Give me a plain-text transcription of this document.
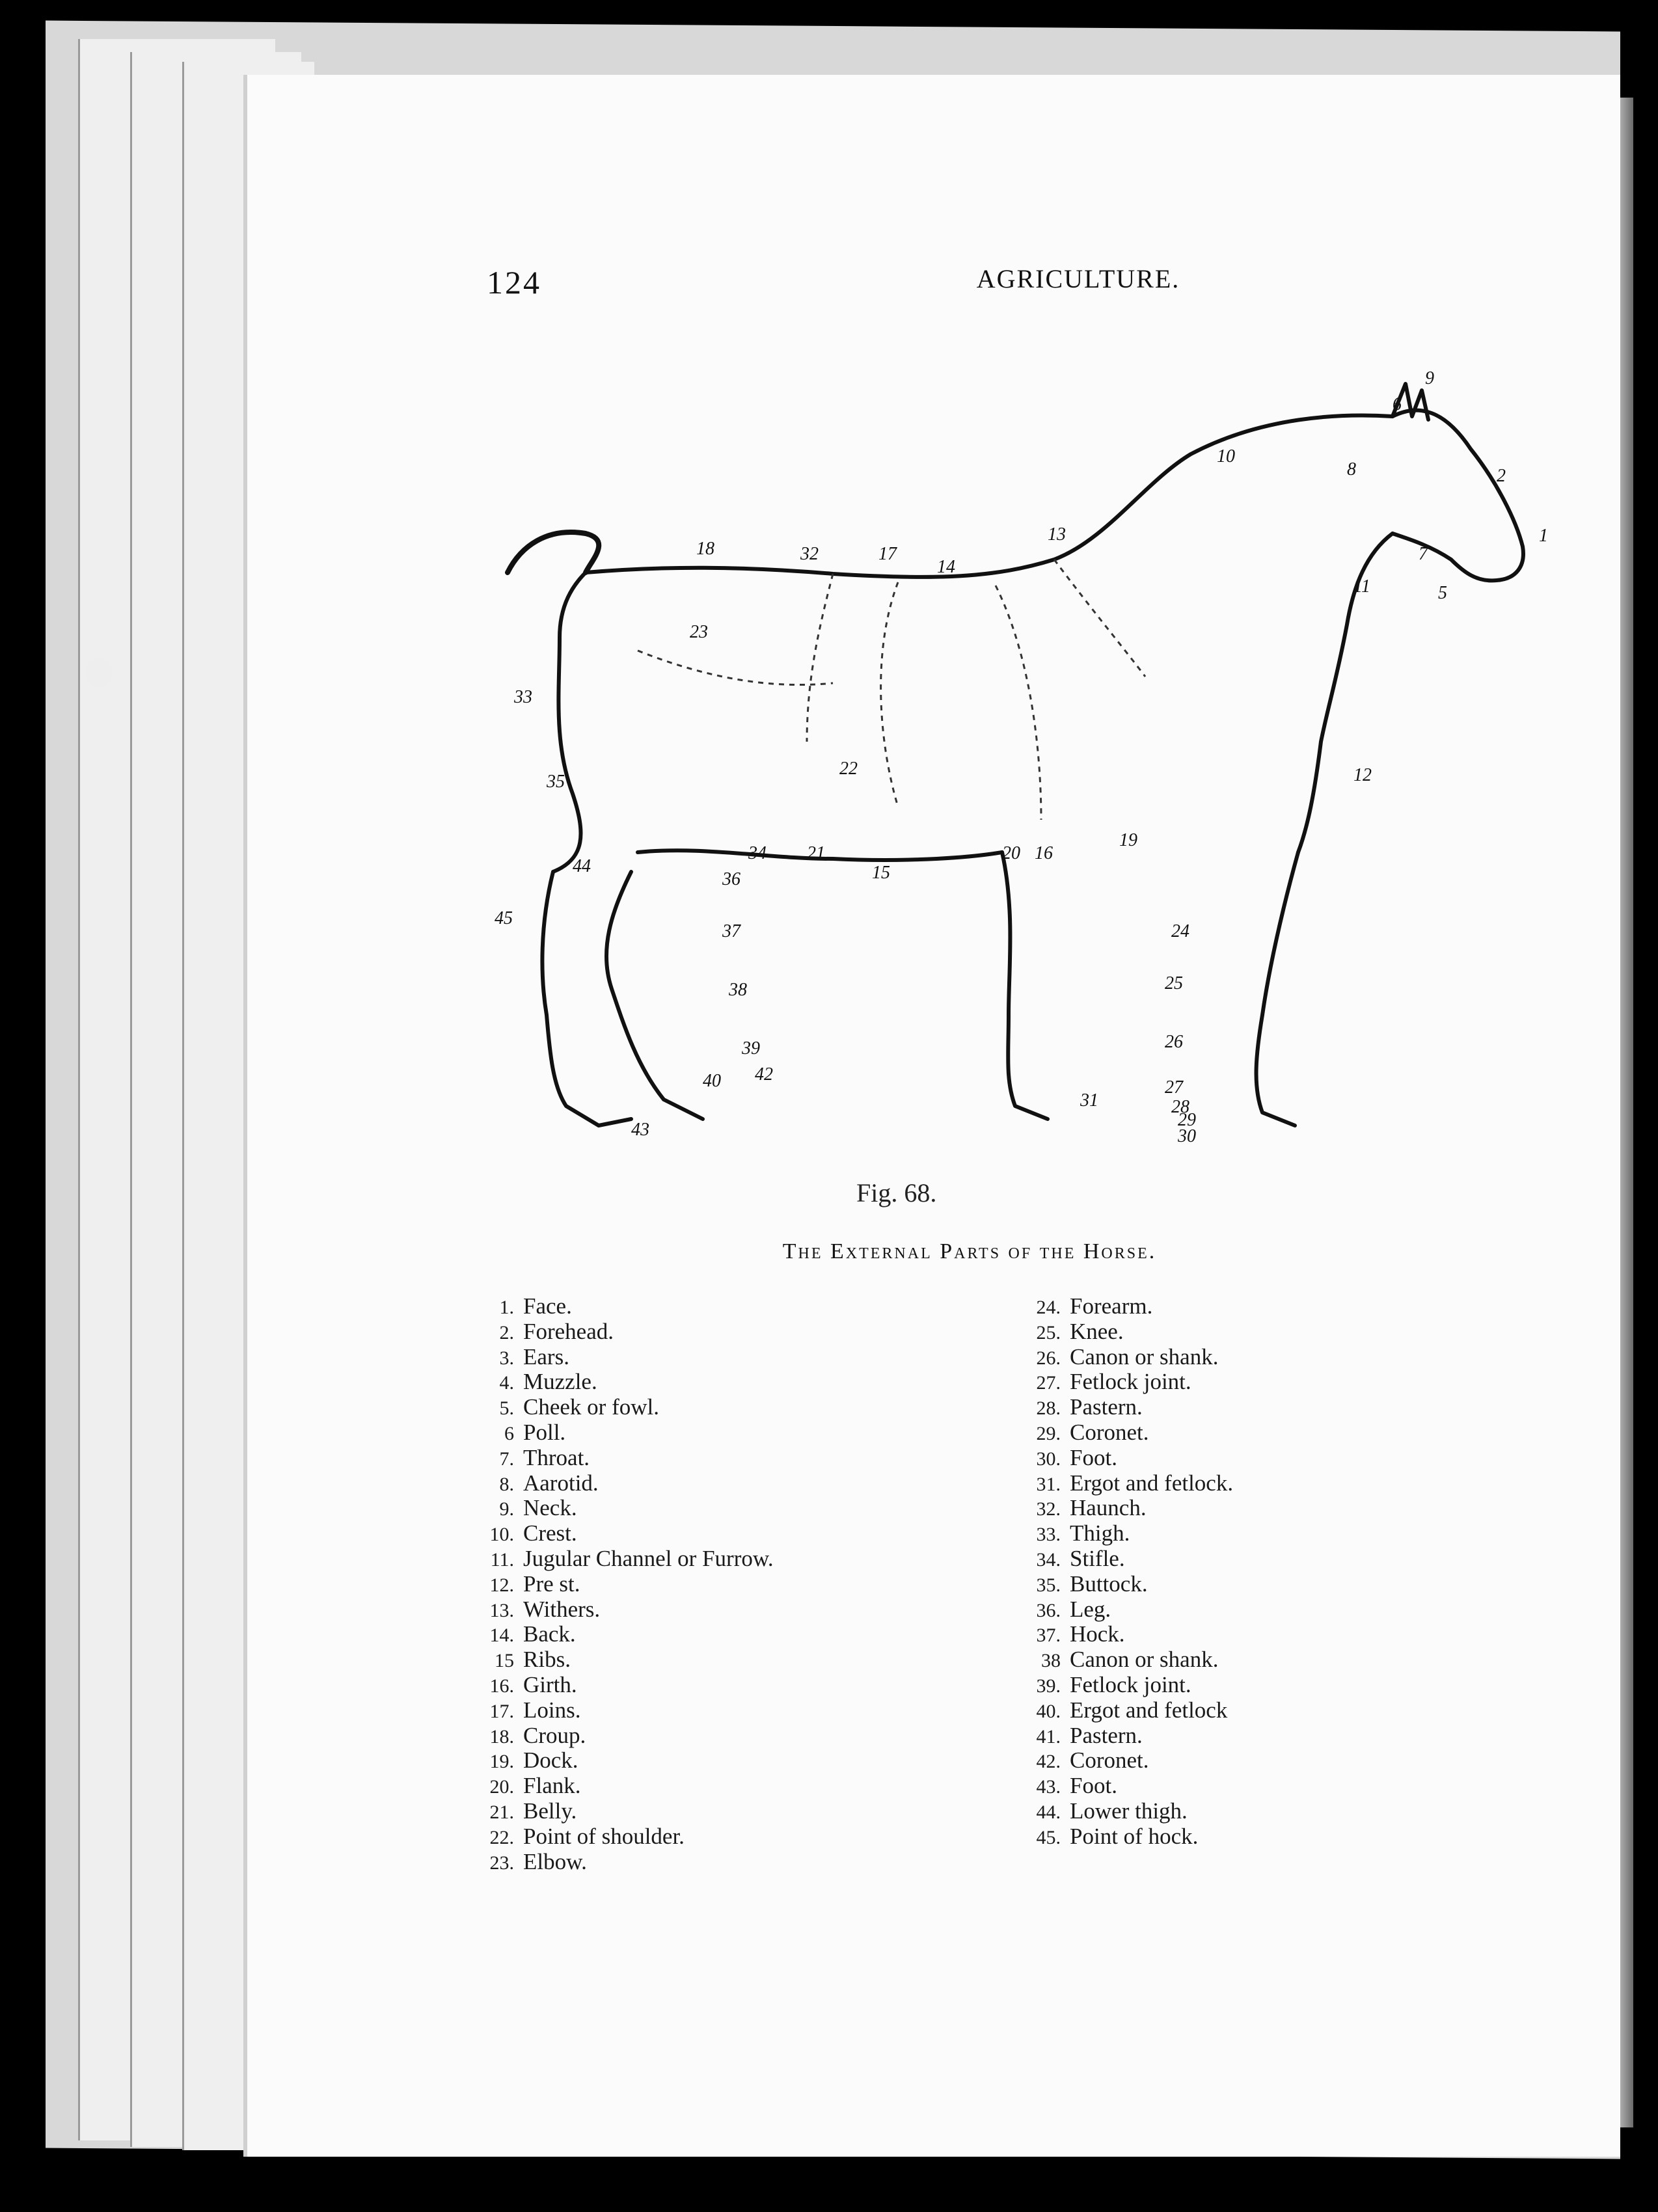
124	AGRICULTURE.
1
2
5
6
7
8
9
10
11
12
13
14
15
16
17
18
19
20
21
22
23
24
25
26
27
28
29
30
31
32
33
34
35
36
37
38
39
40 42
43
44
45
Fig. 68.
The External Parts of the Horse.
1. Face.
2. Forehead.
3. Ears.
4. Muzzle.
5. Cheek or fowl.
6 Poll.
7. Throat.
8. Aarotid.
9. Neck.
10. Crest.
11. Jugular Channel or Furrow.
12. Pre st.
13. Withers.
14. Back.
15 Ribs.
16. Girth.
17. Loins.
18. Croup.
19. Dock.
20. Flank.
21. Belly.
22. Point of shoulder.
23. Elbow.
24. Forearm.
25. Knee.
26. Canon or shank.
27. Fetlock joint.
28. Pastern.
29. Coronet.
30. Foot.
31. Ergot and fetlock.
32. Haunch.
33. Thigh.
34. Stifle.
35. Buttock.
36. Leg.
37. Hock.
38 Canon or shank.
39. Fetlock joint.
40. Ergot and fetlock
41. Pastern.
42. Coronet.
43. Foot.
44. Lower thigh.
45. Point of hock.
